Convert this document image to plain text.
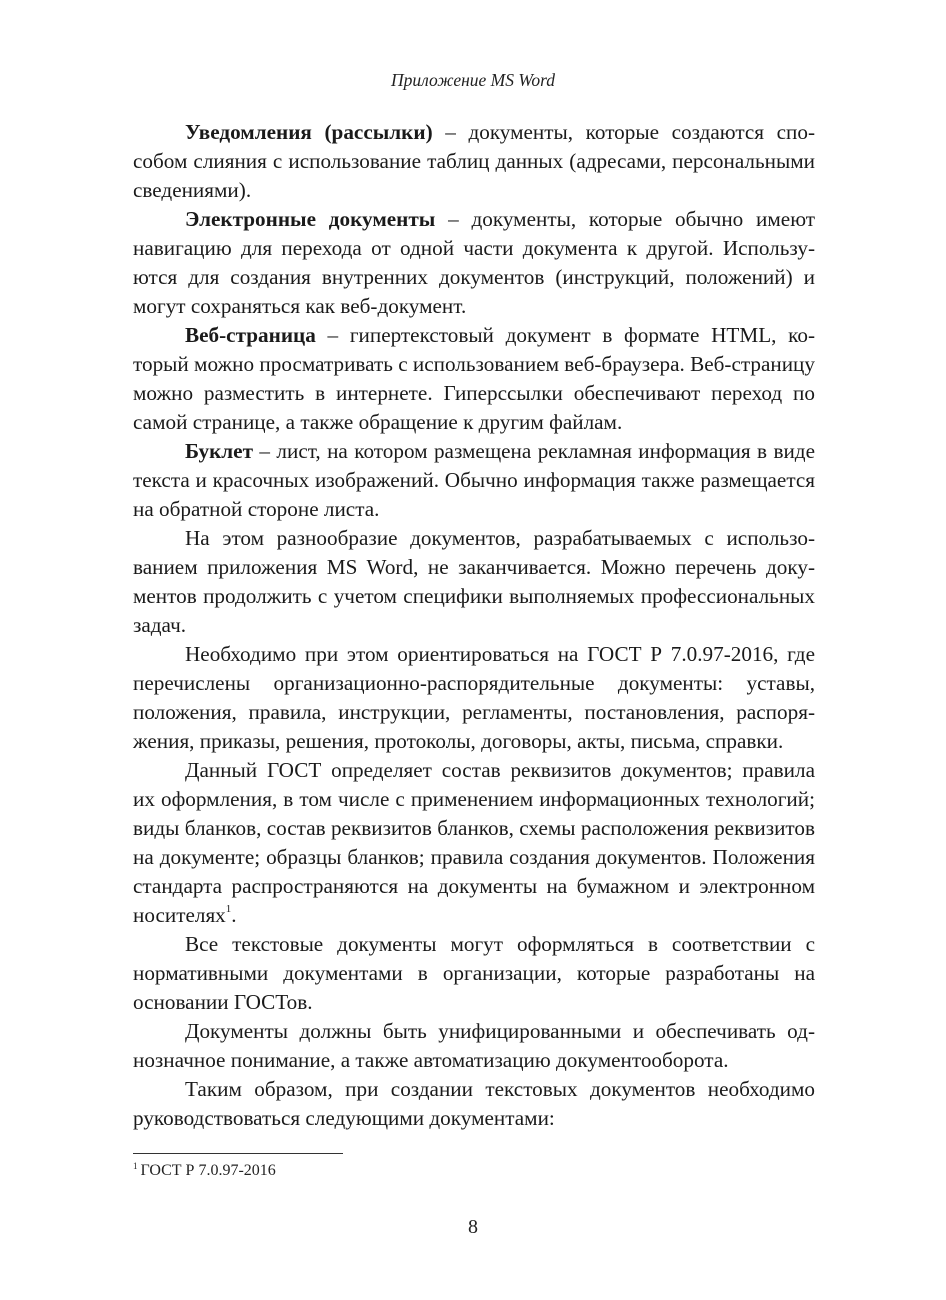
Приложение MS Word

Уведомления (рассылки) – документы, которые создаются способом слияния с использование таблиц данных (адресами, персональными сведениями).

Электронные документы – документы, которые обычно имеют навигацию для перехода от одной части документа к другой. Используются для создания внутренних документов (инструкций, положений) и могут сохраняться как веб-документ.

Веб-страница – гипертекстовый документ в формате HTML, который можно просматривать с использованием веб-браузера. Веб-страницу можно разместить в интернете. Гиперссылки обеспечивают переход по самой странице, а также обращение к другим файлам.

Буклет – лист, на котором размещена рекламная информация в виде текста и красочных изображений. Обычно информация также размещается на обратной стороне листа.

На этом разнообразие документов, разрабатываемых с использованием приложения MS Word, не заканчивается. Можно перечень документов продолжить с учетом специфики выполняемых профессиональных задач.

Необходимо при этом ориентироваться на ГОСТ Р 7.0.97-2016, где перечислены организационно-распорядительные документы: уставы, положения, правила, инструкции, регламенты, постановления, распоряжения, приказы, решения, протоколы, договоры, акты, письма, справки.

Данный ГОСТ определяет состав реквизитов документов; правила их оформления, в том числе с применением информационных технологий; виды бланков, состав реквизитов бланков, схемы расположения реквизитов на документе; образцы бланков; правила создания документов. Положения стандарта распространяются на документы на бумажном и электронном носителях$^1$.

Все текстовые документы могут оформляться в соответствии с нормативными документами в организации, которые разработаны на основании ГОСТов.

Документы должны быть унифицированными и обеспечивать однозначное понимание, а также автоматизацию документооборота.

Таким образом, при создании текстовых документов необходимо руководствоваться следующими документами:

$^1$ ГОСТ Р 7.0.97-2016
8
